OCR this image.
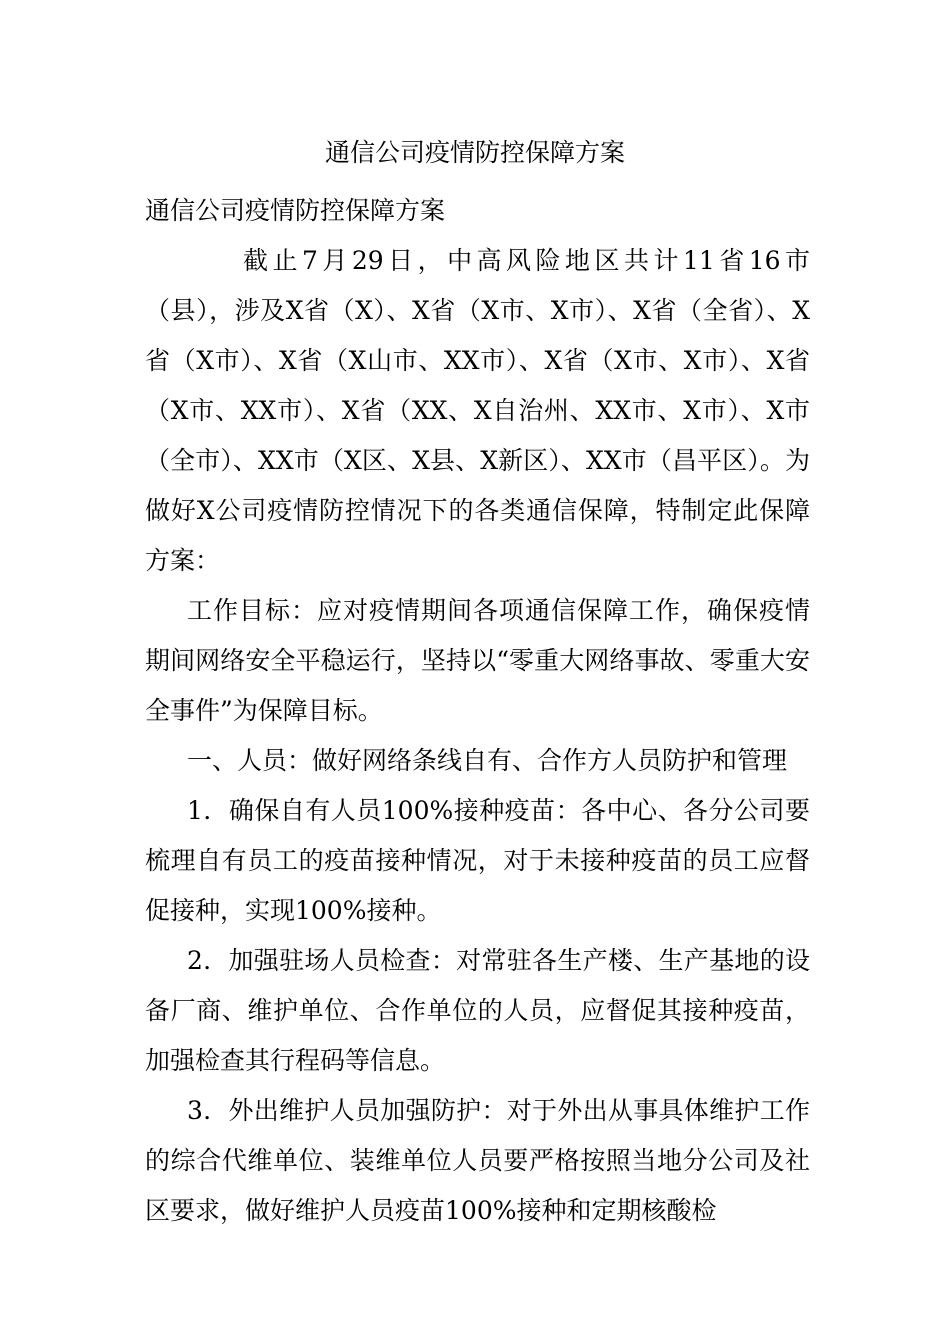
通信公司疫情防控保障方案

通信公司疫情防控保障方案

截止7月29日，中高风险地区共计11省16市（县），涉及X省（X）、X省（X市、X市）、X省（全省）、X省（X市）、X省（X山市、XX市）、X省（X市、X市）、X省（X市、XX市）、X省（XX、X自治州、XX市、X市）、X市（全市）、XX市（X区、X县、X新区）、XX市（昌平区）。为做好X公司疫情防控情况下的各类通信保障，特制定此保障方案：

工作目标：应对疫情期间各项通信保障工作，确保疫情期间网络安全平稳运行，坚持以“零重大网络事故、零重大安全事件”为保障目标。

一、人员：做好网络条线自有、合作方人员防护和管理

1．确保自有人员100%接种疫苗：各中心、各分公司要梳理自有员工的疫苗接种情况，对于未接种疫苗的员工应督促接种，实现100%接种。

2．加强驻场人员检查：对常驻各生产楼、生产基地的设备厂商、维护单位、合作单位的人员，应督促其接种疫苗，加强检查其行程码等信息。

3．外出维护人员加强防护：对于外出从事具体维护工作的综合代维单位、装维单位人员要严格按照当地分公司及社区要求，做好维护人员疫苗100%接种和定期核酸检
